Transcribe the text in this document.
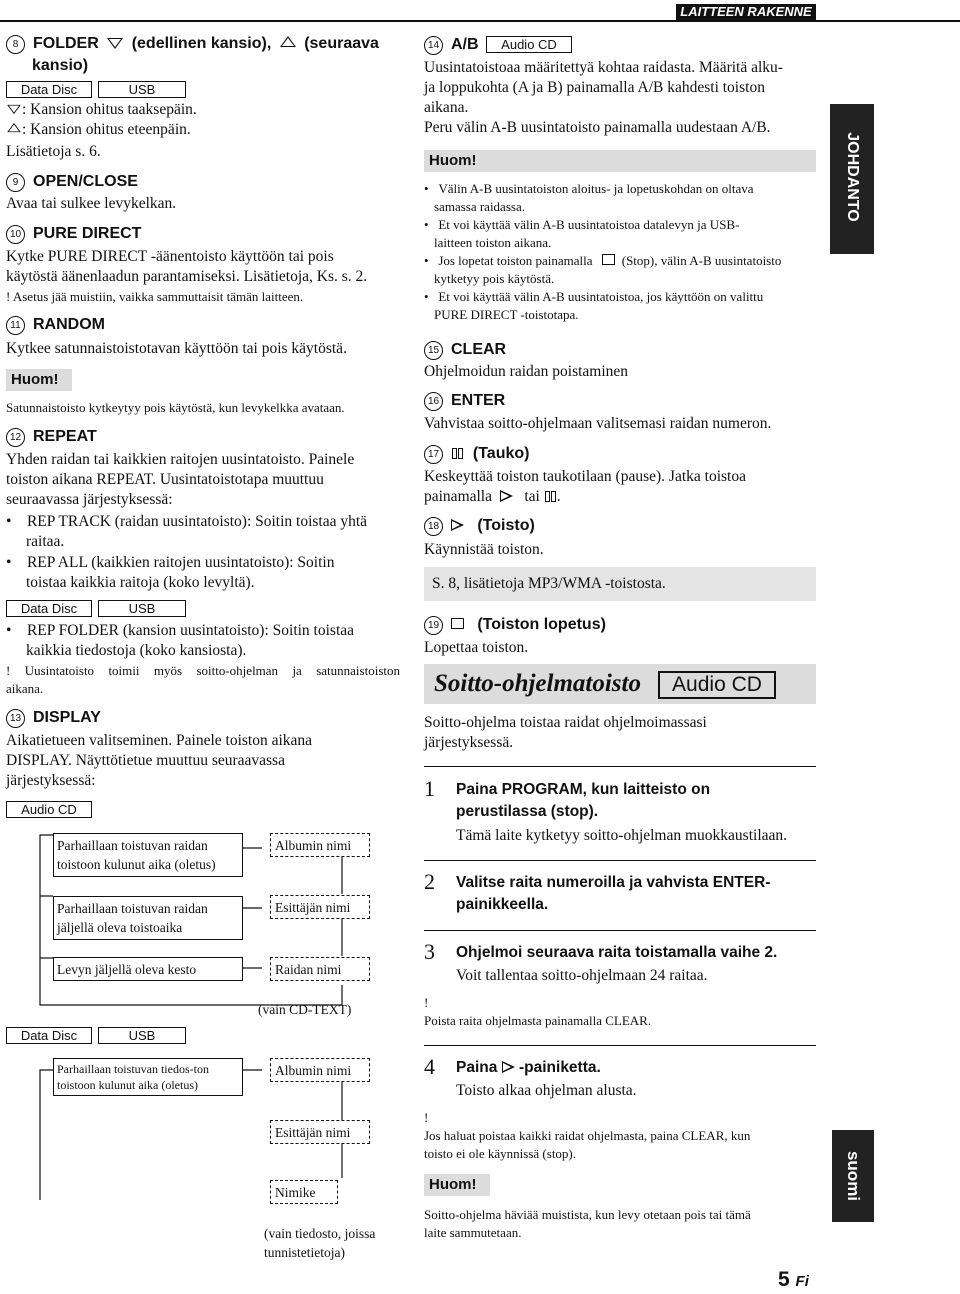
LAITTEEN RAKENNE
8 FOLDER (edellinen kansio), (seuraava
kansio)
Data Disc	USB
: Kansion ohitus taaksepäin.
: Kansion ohitus eteenpäin.
Lisätietoja s. 6.
9 OPEN/CLOSE
Avaa tai sulkee levykelkan.
10 PURE DIRECT
Kytke PURE DIRECT -äänentoisto käyttöön tai pois
käytöstä äänenlaadun parantamiseksi. Lisätietoja, Ks. s. 2.
! Asetus jää muistiin, vaikka sammuttaisit tämän laitteen.
11 RANDOM
Kytkee satunnaistoistotavan käyttöön tai pois käytöstä.
Huom!
Satunnaistoisto kytkeytyy pois käytöstä, kun levykelkka avataan.
12 REPEAT
Yhden raidan tai kaikkien raitojen uusintatoisto. Painele
toiston aikana REPEAT. Uusintatoistotapa muuttuu
seuraavassa järjestyksessä:
•    REP TRACK (raidan uusintatoisto): Soitin toistaa yhtä
raitaa.
•    REP ALL (kaikkien raitojen uusintatoisto): Soitin
toistaa kaikkia raitoja (koko levyltä).
Data Disc	USB
•    REP FOLDER (kansion uusintatoisto): Soitin toistaa
kaikkia tiedostoja (koko kansiosta).
! Uusintatoisto toimii myös soitto-ohjelman ja satunnaistoiston
aikana.
13 DISPLAY
Aikatietueen valitseminen. Painele toiston aikana
DISPLAY. Näyttötietue muuttuu seuraavassa
järjestyksessä:
Audio CD
Parhaillaan toistuvan raidan
toistoon kulunut aika (oletus)
Parhaillaan toistuvan raidan
jäljellä oleva toistoaika
Levyn jäljellä oleva kesto
Albumin nimi
Esittäjän nimi
Raidan nimi
(vain CD-TEXT)
Data Disc	USB
Parhaillaan toistuvan tiedos-ton
toistoon kulunut aika (oletus)
Albumin nimi
Esittäjän nimi
Nimike
(vain tiedosto, joissa
tunnistetietoja)
14 A/B	Audio CD
Uusintatoistoaa määritettyä kohtaa raidasta. Määritä alku-
ja loppukohta (A ja B) painamalla A/B kahdesti toiston
aikana.
Peru välin A-B uusintatoisto painamalla uudestaan A/B.
Huom!
•   Välin A-B uusintatoiston aloitus- ja lopetuskohdan on oltava
samassa raidassa.
•   Et voi käyttää välin A-B uusintatoistoa datalevyn ja USB-
laitteen toiston aikana.
•   Jos lopetat toiston painamalla (Stop), välin A-B uusintatoisto
kytketyy pois käytöstä.
•   Et voi käyttää välin A-B uusintatoistoa, jos käyttöön on valittu
PURE DIRECT -toistotapa.
15 CLEAR
Ohjelmoidun raidan poistaminen
16 ENTER
Vahvistaa soitto-ohjelmaan valitsemasi raidan numeron.
17 (Tauko)
Keskeyttää toiston taukotilaan (pause). Jatka toistoa
painamalla tai .
18 (Toisto)
Käynnistää toiston.
S. 8, lisätietoja MP3/WMA -toistosta.
19 (Toiston lopetus)
Lopettaa toiston.
Soitto-ohjelmatoisto	Audio CD
Soitto-ohjelma toistaa raidat ohjelmoimassasi
järjestyksessä.
1 Paina PROGRAM, kun laitteisto on
perustilassa (stop).
Tämä laite kytketyy soitto-ohjelman muokkaustilaan.
2 Valitse raita numeroilla ja vahvista ENTER-
painikkeella.
3 Ohjelmoi seuraava raita toistamalla vaihe 2.
Voit tallentaa soitto-ohjelmaan 24 raitaa.
!
Poista raita ohjelmasta painamalla CLEAR.
4 Paina -painiketta.
Toisto alkaa ohjelman alusta.
!
Jos haluat poistaa kaikki raidat ohjelmasta, paina CLEAR, kun
toisto ei ole käynnissä (stop).
Huom!
Soitto-ohjelma häviää muistista, kun levy otetaan pois tai tämä
laite sammutetaan.
JOHDANTO
suomi
5 Fi
